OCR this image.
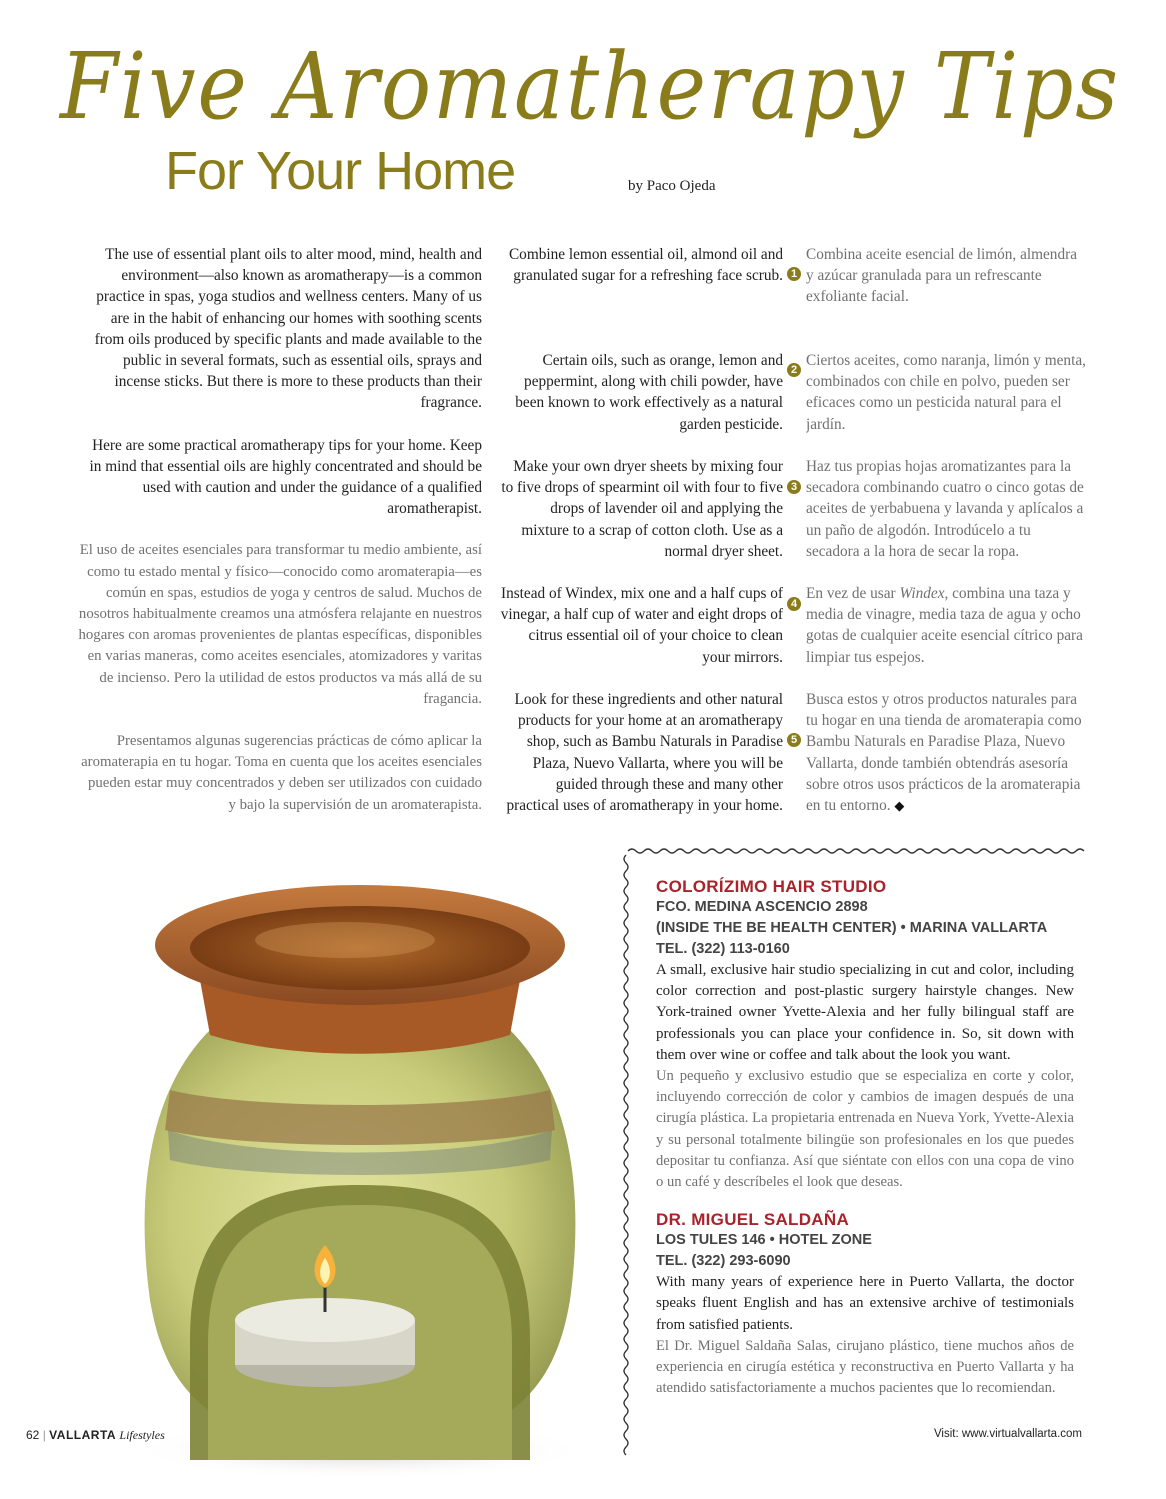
Five Aromatherapy Tips
For Your Home	by Paco Ojeda

The use of essential plant oils to alter mood, mind, health and environment—also known as aromatherapy—is a common practice in spas, yoga studios and wellness centers. Many of us are in the habit of enhancing our homes with soothing scents from oils produced by specific plants and made available to the public in several formats, such as essential oils, sprays and incense sticks. But there is more to these products than their fragrance.

Here are some practical aromatherapy tips for your home. Keep in mind that essential oils are highly concentrated and should be used with caution and under the guidance of a qualified aromatherapist.

El uso de aceites esenciales para transformar tu medio ambiente, así como tu estado mental y físico—conocido como aromaterapia—es común en spas, estudios de yoga y centros de salud. Muchos de nosotros habitualmente creamos una atmósfera relajante en nuestros hogares con aromas provenientes de plantas específicas, disponibles en varias maneras, como aceites esenciales, atomizadores y varitas de incienso. Pero la utilidad de estos productos va más allá de su fragancia.

Presentamos algunas sugerencias prácticas de cómo aplicar la aromaterapia en tu hogar. Toma en cuenta que los aceites esenciales pueden estar muy concentrados y deben ser utilizados con cuidado y bajo la supervisión de un aromaterapista.

Combine lemon essential oil, almond oil and granulated sugar for a refreshing face scrub.
Certain oils, such as orange, lemon and peppermint, along with chili powder, have been known to work effectively as a natural garden pesticide.
Make your own dryer sheets by mixing four to five drops of spearmint oil with four to five drops of lavender oil and applying the mixture to a scrap of cotton cloth. Use as a normal dryer sheet.
Instead of Windex, mix one and a half cups of vinegar, a half cup of water and eight drops of citrus essential oil of your choice to clean your mirrors.
Look for these ingredients and other natural products for your home at an aromatherapy shop, such as Bambu Naturals in Paradise Plaza, Nuevo Vallarta, where you will be guided through these and many other practical uses of aromatherapy in your home.
1
2
3
4
5
Combina aceite esencial de limón, almendra y azúcar granulada para un refrescante exfoliante facial.
Ciertos aceites, como naranja, limón y menta, combinados con chile en polvo, pueden ser eficaces como un pesticida natural para el jardín.
Haz tus propias hojas aromatizantes para la secadora combinando cuatro o cinco gotas de aceites de yerbabuena y lavanda y aplícalos a un paño de algodón. Introdúcelo a tu secadora a la hora de secar la ropa.
En vez de usar Windex, combina una taza y media de vinagre, media taza de agua y ocho gotas de cualquier aceite esencial cítrico para limpiar tus espejos.
Busca estos y otros productos naturales para tu hogar en una tienda de aromaterapia como Bambu Naturals en Paradise Plaza, Nuevo Vallarta, donde también obtendrás asesoría sobre otros usos prácticos de la aromaterapia en tu entorno. ◆

COLORÍZIMO HAIR STUDIO

FCO. MEDINA ASCENCIO 2898

(INSIDE THE BE HEALTH CENTER) • MARINA VALLARTA

TEL. (322) 113-0160

A small, exclusive hair studio specializing in cut and color, including color correction and post-plastic surgery hairstyle changes. New York-trained owner Yvette-Alexia and her fully bilingual staff are professionals you can place your confidence in. So, sit down with them over wine or coffee and talk about the look you want.

Un pequeño y exclusivo estudio que se especializa en corte y color, incluyendo corrección de color y cambios de imagen después de una cirugía plástica. La propietaria entrenada en Nueva York, Yvette-Alexia y su personal totalmente bilingüe son profesionales en los que puedes depositar tu confianza. Así que siéntate con ellos con una copa de vino o un café y descríbeles el look que deseas.

DR. MIGUEL SALDAÑA

LOS TULES 146 • HOTEL ZONE

TEL. (322) 293-6090

With many years of experience here in Puerto Vallarta, the doctor speaks fluent English and has an extensive archive of testimonials from satisfied patients.

El Dr. Miguel Saldaña Salas, cirujano plástico, tiene muchos años de experiencia en cirugía estética y reconstructiva en Puerto Vallarta y ha atendido satisfactoriamente a muchos pacientes que lo recomiendan.

62 | VALLARTA Lifestyles	Visit: www.virtualvallarta.com
